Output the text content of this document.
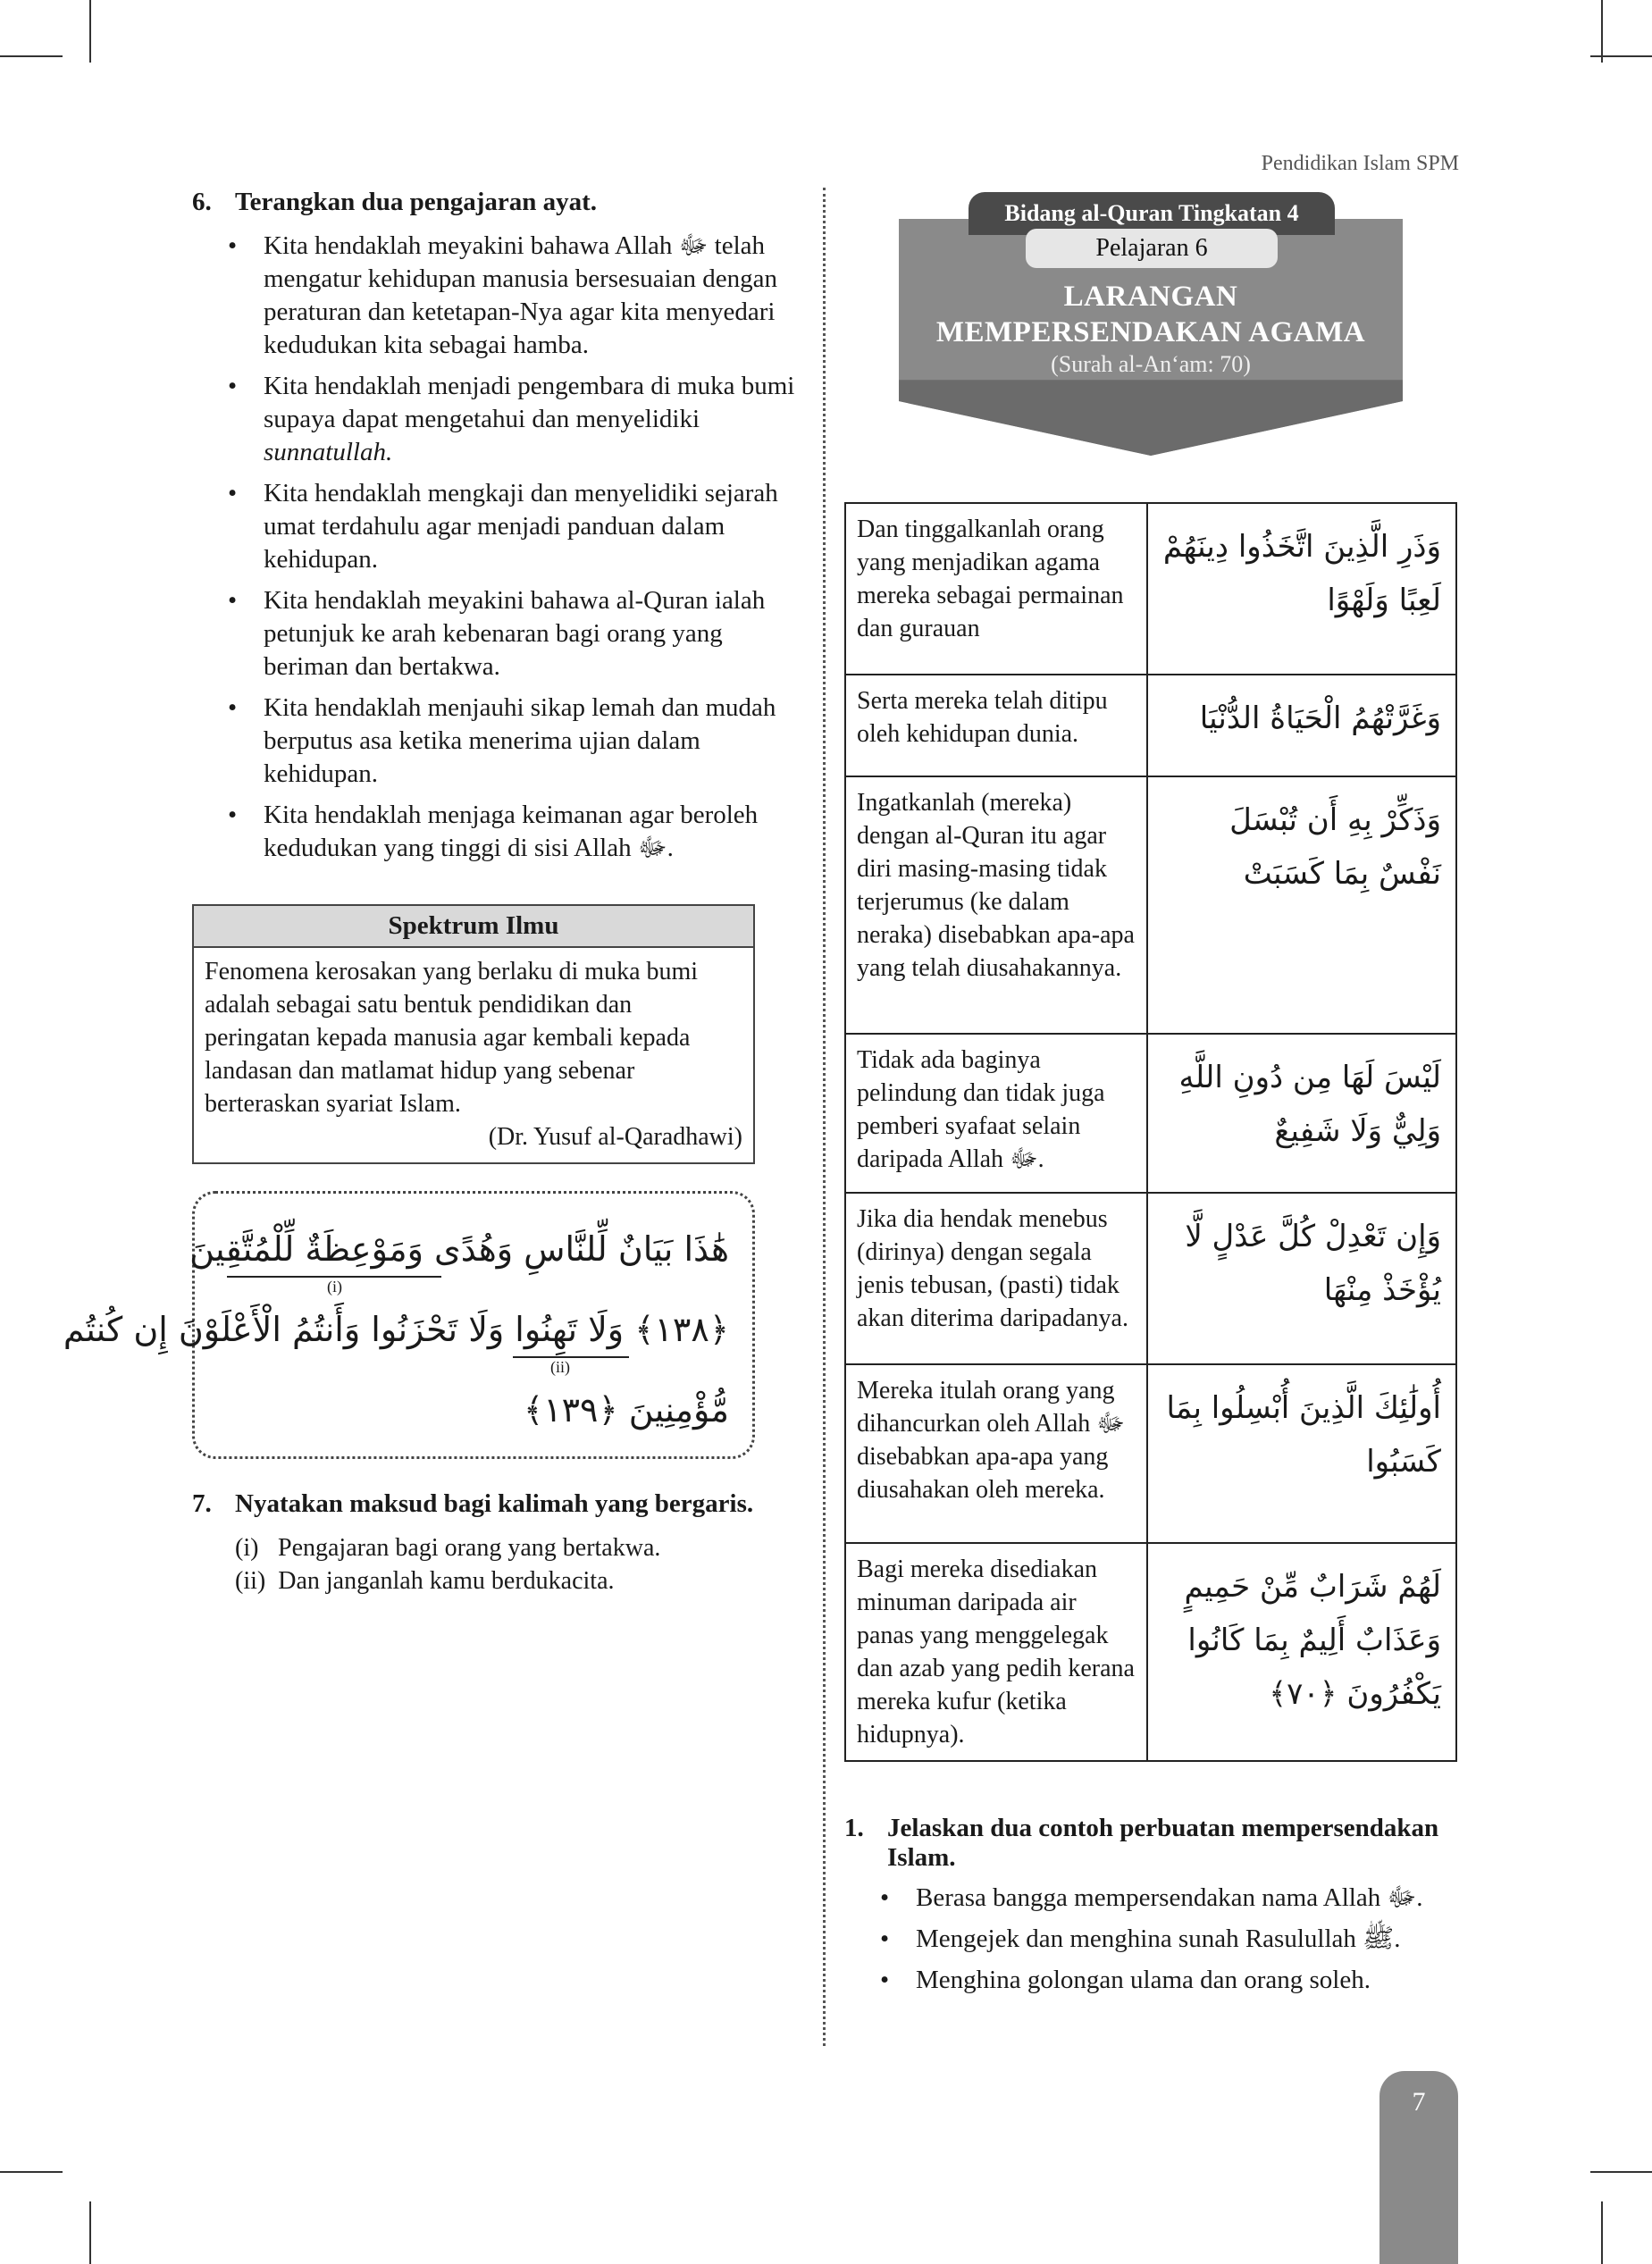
Pendidikan Islam SPM
6. Terangkan dua pengajaran ayat.
• Kita hendaklah meyakini bahawa Allah ﷻ telah mengatur kehidupan manusia bersesuaian dengan peraturan dan ketetapan-Nya agar kita menyedari kedudukan kita sebagai hamba.
• Kita hendaklah menjadi pengembara di muka bumi supaya dapat mengetahui dan menyelidiki sunnatullah.
• Kita hendaklah mengkaji dan menyelidiki sejarah umat terdahulu agar menjadi panduan dalam kehidupan.
• Kita hendaklah meyakini bahawa al-Quran ialah petunjuk ke arah kebenaran bagi orang yang beriman dan bertakwa.
• Kita hendaklah menjauhi sikap lemah dan mudah berputus asa ketika menerima ujian dalam kehidupan.
• Kita hendaklah menjaga keimanan agar beroleh kedudukan yang tinggi di sisi Allah ﷻ.
Spektrum Ilmu
Fenomena kerosakan yang berlaku di muka bumi adalah sebagai satu bentuk pendidikan dan peringatan kepada manusia agar kembali kepada landasan dan matlamat hidup yang sebenar berteraskan syariat Islam.
(Dr. Yusuf al-Qaradhawi)
هَٰذَا بَيَانٌ لِّلنَّاسِ وَهُدًى وَمَوْعِظَةٌ لِّلْمُتَّقِينَ
(i)
﴿١٣٨﴾ وَلَا تَهِنُوا وَلَا تَحْزَنُوا وَأَنتُمُ الْأَعْلَوْنَ إِن كُنتُم
(ii)
مُّؤْمِنِينَ ﴿١٣٩﴾
7. Nyatakan maksud bagi kalimah yang bergaris.
(i) Pengajaran bagi orang yang bertakwa.
(ii) Dan janganlah kamu berdukacita.
Bidang al-Quran Tingkatan 4
Pelajaran 6
LARANGAN
MEMPERSENDAKAN AGAMA
(Surah al-An‘am: 70)
Dan tinggalkanlah orang yang menjadikan agama mereka sebagai permainan dan gurauan	وَذَرِ الَّذِينَ اتَّخَذُوا دِينَهُمْ لَعِبًا وَلَهْوًا
Serta mereka telah ditipu oleh kehidupan dunia.	وَغَرَّتْهُمُ الْحَيَاةُ الدُّنْيَا
Ingatkanlah (mereka) dengan al-Quran itu agar diri masing-masing tidak terjerumus (ke dalam neraka) disebabkan apa-apa yang telah diusahakannya.	وَذَكِّرْ بِهِ أَن تُبْسَلَ نَفْسٌ بِمَا كَسَبَتْ
Tidak ada baginya pelindung dan tidak juga pemberi syafaat selain daripada Allah ﷻ.	لَيْسَ لَهَا مِن دُونِ اللَّهِ وَلِيٌّ وَلَا شَفِيعٌ
Jika dia hendak menebus (dirinya) dengan segala jenis tebusan, (pasti) tidak akan diterima daripadanya.	وَإِن تَعْدِلْ كُلَّ عَدْلٍ لَّا يُؤْخَذْ مِنْهَا
Mereka itulah orang yang dihancurkan oleh Allah ﷻ disebabkan apa-apa yang diusahakan oleh mereka.	أُولَٰئِكَ الَّذِينَ أُبْسِلُوا بِمَا كَسَبُوا
Bagi mereka disediakan minuman daripada air panas yang menggelegak dan azab yang pedih kerana mereka kufur (ketika hidupnya).	لَهُمْ شَرَابٌ مِّنْ حَمِيمٍ وَعَذَابٌ أَلِيمٌ بِمَا كَانُوا يَكْفُرُونَ ﴿٧٠﴾
1. Jelaskan dua contoh perbuatan mempersendakan Islam.
• Berasa bangga mempersendakan nama Allah ﷻ.
• Mengejek dan menghina sunah Rasulullah ﷺ.
• Menghina golongan ulama dan orang soleh.
7
